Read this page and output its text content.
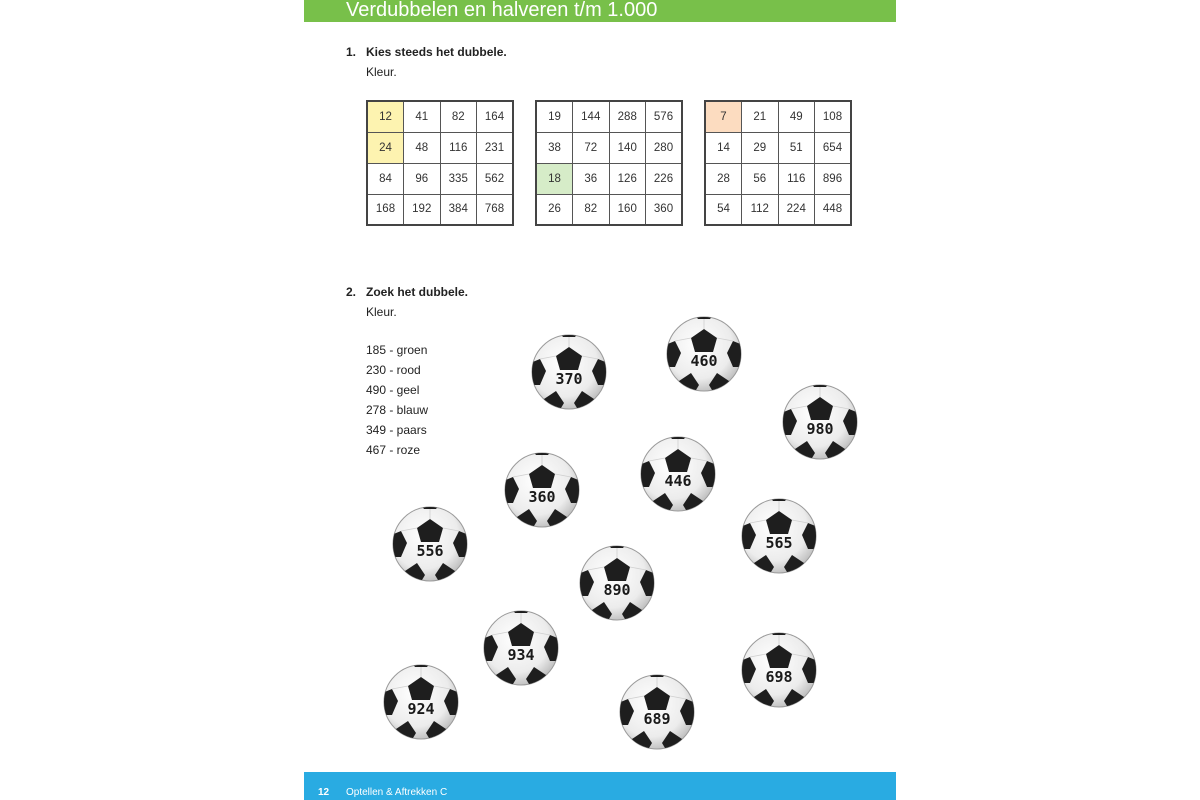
Verdubbelen en halveren t/m 1.000
1. Kies steeds het dubbele.
Kleur.
12	41	82	164
24	48	116	231
84	96	335	562
168	192	384	768
19	144	288	576
38	72	140	280
18	36	126	226
26	82	160	360
7	21	49	108
14	29	51	654
28	56	116	896
54	112	224	448
2. Zoek het dubbele.
Kleur.
185 - groen
230 - rood
490 - geel
278 - blauw
349 - paars
467 - roze
370
460
980
360
446
556	565
890
934
698
924
689
12 Optellen & Aftrekken C
